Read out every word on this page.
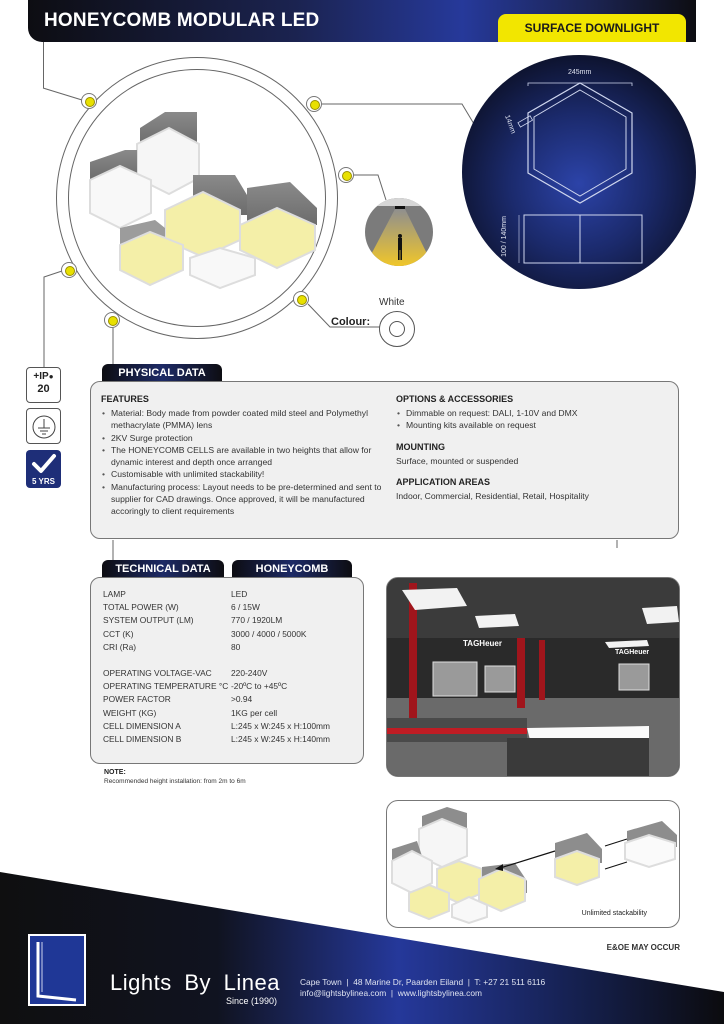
HONEYCOMB MODULAR LED	SURFACE DOWNLIGHT
245mm
14mm
100 / 140mm
White
Colour:
+IP●
20
5 YRS
PHYSICAL DATA
FEATURES
• Material: Body made from powder coated mild steel and Polymethyl methacrylate (PMMA) lens
• 2KV Surge protection
• The HONEYCOMB CELLS are available in two heights that allow for dynamic interest and depth once arranged
• Customisable with unlimited stackability!
• Manufacturing process: Layout needs to be pre-determined and sent to supplier for CAD drawings. Once approved, it will be manufactured accoringly to client requirements
OPTIONS & ACCESSORIES
• Dimmable on request: DALI, 1-10V and DMX
• Mounting kits available on request
MOUNTING

Surface, mounted or suspended

APPLICATION AREAS

Indoor, Commercial, Residential, Retail, Hospitality

TECHNICAL DATA	HONEYCOMB
LAMP	LED
TOTAL POWER (W)	6 / 15W
SYSTEM OUTPUT (LM)	770 / 1920LM
CCT (K)	3000 / 4000 / 5000K
CRI (Ra)	80
OPERATING VOLTAGE-VAC	220-240V
OPERATING TEMPERATURE °C -20ºC to +45ºC
POWER FACTOR	>0.94
WEIGHT (KG)	1KG per cell
CELL DIMENSION A	L:245 x W:245 x H:100mm
CELL DIMENSION B	L:245 x W:245 x H:140mm
NOTE:
Recommended height installation: from 2m to 6m
TAGHeuer
TAGHeuer
Unlimited stackability
E&OE MAY OCCUR
Lights By Linea
Since (1990)
Cape Town  |  48 Marine Dr, Paarden Eiland  |  T: +27 21 511 6116
info@lightsbylinea.com  |  www.lightsbylinea.com
